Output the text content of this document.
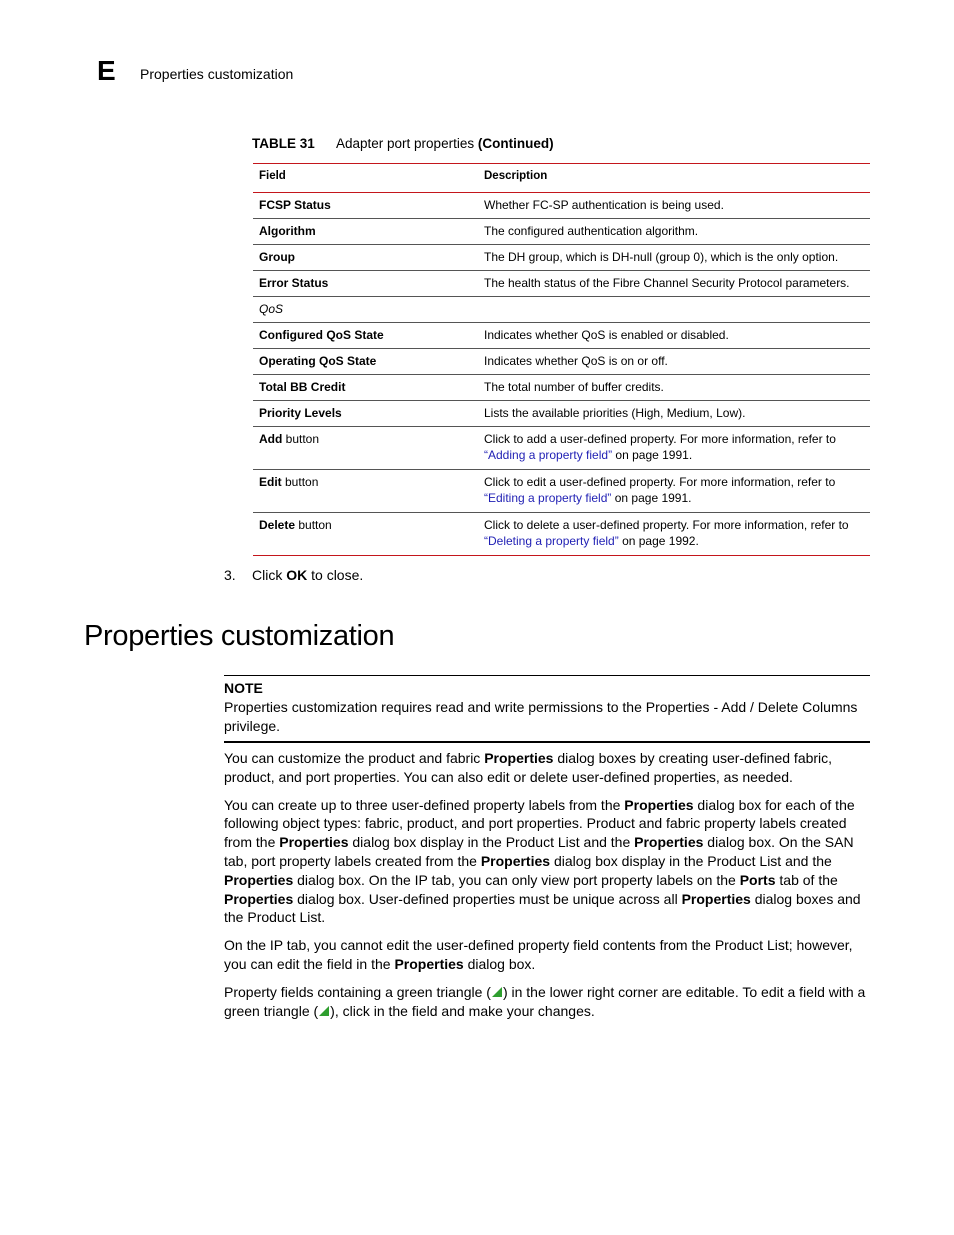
E Properties customization
TABLE 31 Adapter port properties (Continued)
Field	Description
FCSP Status	Whether FC-SP authentication is being used.
Algorithm	The configured authentication algorithm.
Group	The DH group, which is DH-null (group 0), which is the only option.
Error Status	The health status of the Fibre Channel Security Protocol parameters.
QoS	
Configured QoS State	Indicates whether QoS is enabled or disabled.
Operating QoS State	Indicates whether QoS is on or off.
Total BB Credit	The total number of buffer credits.
Priority Levels	Lists the available priorities (High, Medium, Low).
Add button	Click to add a user-defined property. For more information, refer to “Adding a property field” on page 1991.
Edit button	Click to edit a user-defined property. For more information, refer to “Editing a property field” on page 1991.
Delete button	Click to delete a user-defined property. For more information, refer to “Deleting a property field” on page 1992.
3. Click OK to close.
Properties customization
NOTE
Properties customization requires read and write permissions to the Properties - Add / Delete Columns privilege.

You can customize the product and fabric Properties dialog boxes by creating user-defined fabric, product, and port properties. You can also edit or delete user-defined properties, as needed.

You can create up to three user-defined property labels from the Properties dialog box for each of the following object types: fabric, product, and port properties. Product and fabric property labels created from the Properties dialog box display in the Product List and the Properties dialog box. On the SAN tab, port property labels created from the Properties dialog box display in the Product List and the Properties dialog box. On the IP tab, you can only view port property labels on the Ports tab of the Properties dialog box. User-defined properties must be unique across all Properties dialog boxes and the Product List.

On the IP tab, you cannot edit the user-defined property field contents from the Product List; however, you can edit the field in the Properties dialog box.

Property fields containing a green triangle ( ) in the lower right corner are editable. To edit a field with a green triangle ( ), click in the field and make your changes.
